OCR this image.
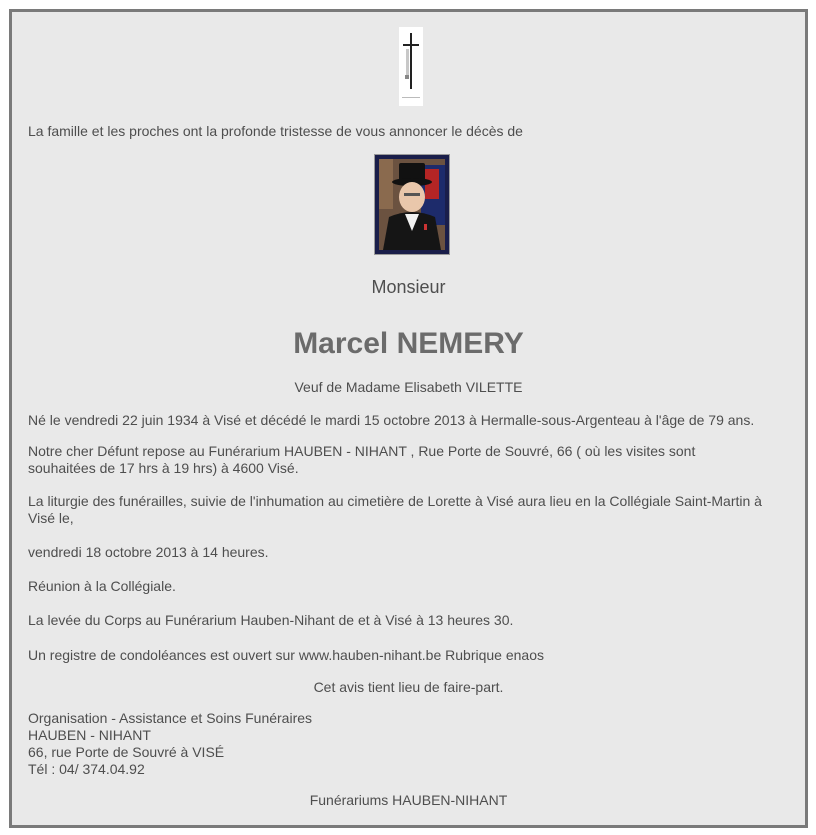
La famille et les proches ont la profonde tristesse de vous annoncer le décès de
Monsieur
Marcel NEMERY
Veuf de Madame Elisabeth VILETTE
Né le vendredi 22 juin 1934 à Visé et décédé le mardi 15 octobre 2013 à Hermalle-sous-Argenteau à l'âge de 79 ans.
Notre cher Défunt repose au Funérarium HAUBEN - NIHANT , Rue Porte de Souvré, 66 ( où les visites sont
souhaitées de 17 hrs à 19 hrs) à 4600 Visé.
La liturgie des funérailles, suivie de l'inhumation au cimetière de Lorette à Visé aura lieu en la Collégiale Saint-Martin à
Visé le,
vendredi 18 octobre 2013 à 14 heures.
Réunion à la Collégiale.
La levée du Corps au Funérarium Hauben-Nihant de et à Visé à 13 heures 30.
Un registre de condoléances est ouvert sur www.hauben-nihant.be Rubrique enaos
Cet avis tient lieu de faire-part.
Organisation - Assistance et Soins Funéraires
HAUBEN - NIHANT
66, rue Porte de Souvré à VISÉ
Tél : 04/ 374.04.92
Funérariums HAUBEN-NIHANT
